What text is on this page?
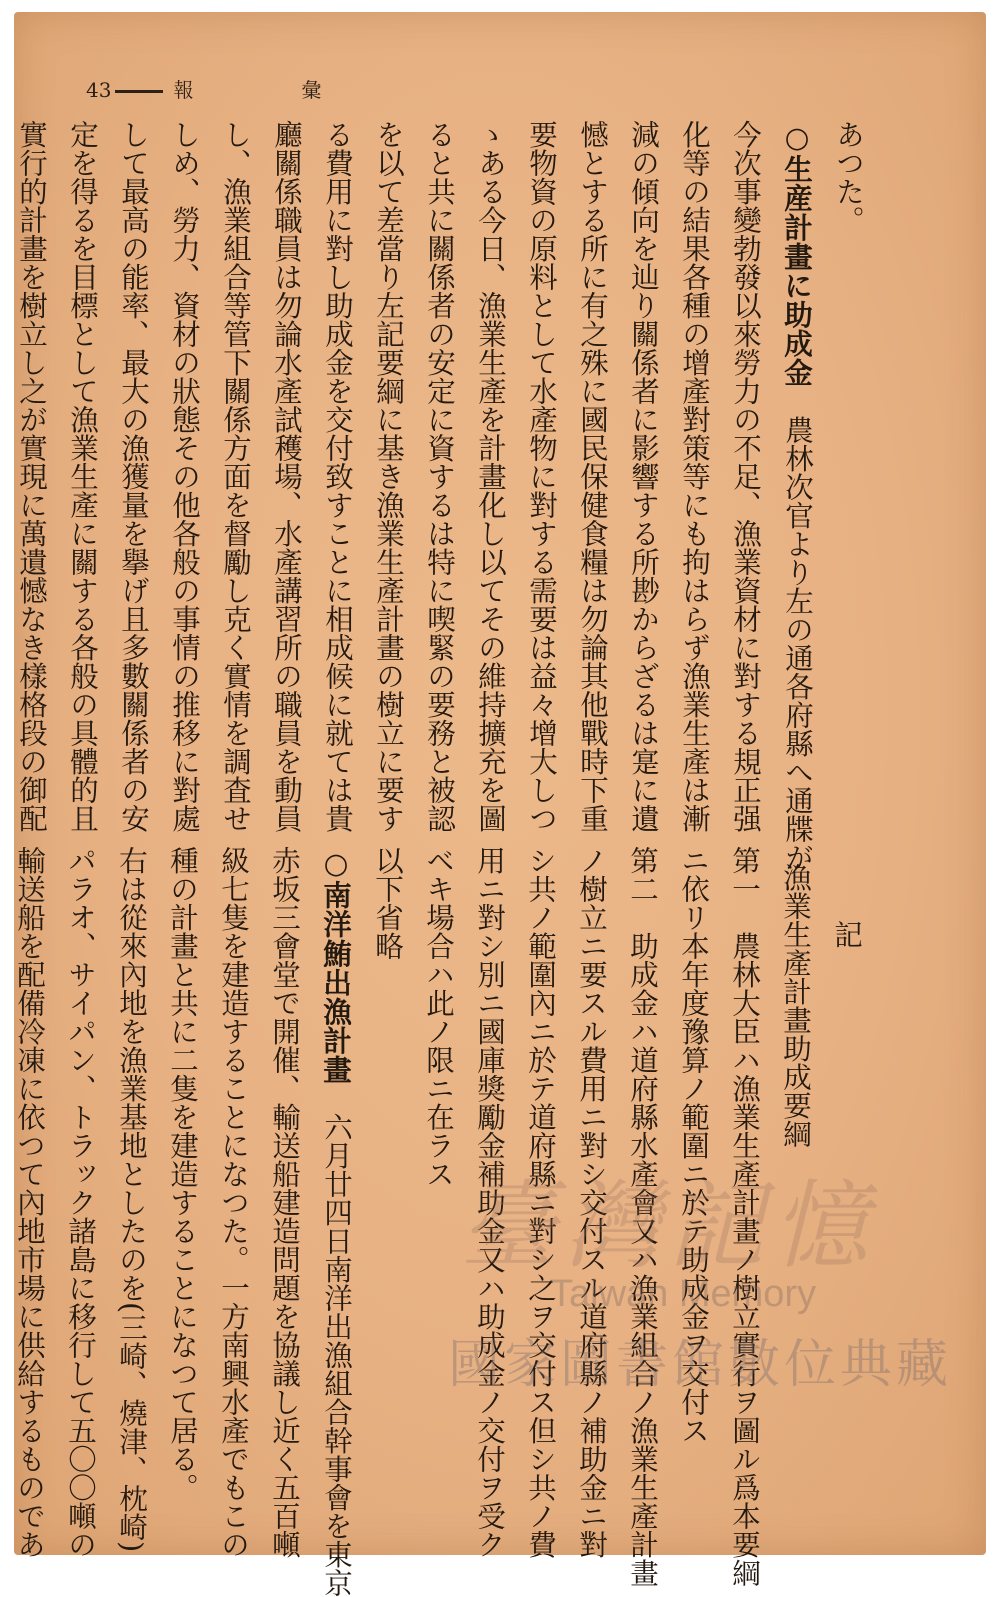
43	報　彙
あつた。
○生産計畫に助成金農林次官より左の通各府縣へ通牒が
今次事變勃發以來勞力の不足、漁業資材に對する規正强
化等の結果各種の增產對策等にも拘はらず漁業生產は漸
減の傾向を辿り關係者に影響する所尠からざるは寔に遺
憾とする所に有之殊に國民保健食糧は勿論其他戰時下重
要物資の原料として水產物に對する需要は益々增大しつ
ゝある今日、漁業生產を計畫化し以てその維持擴充を圖
ると共に關係者の安定に資するは特に喫緊の要務と被認
を以て差當り左記要綱に基き漁業生產計畫の樹立に要す
る費用に對し助成金を交付致すことに相成候に就ては貴
廳關係職員は勿論水產試穫場、水產講習所の職員を動員
し、漁業組合等管下關係方面を督勵し克く實情を調査せ
しめ、勞力、資材の狀態その他各般の事情の推移に對處
して最高の能率、最大の漁獲量を擧げ且多數關係者の安
定を得るを目標として漁業生產に關する各般の具體的且
實行的計畫を樹立し之が實現に萬遺憾なき樣格段の御配
記
漁業生產計畫助成要綱
第一　農林大臣ハ漁業生產計畫ノ樹立實行ヲ圖ル爲本要綱
ニ依リ本年度豫算ノ範圍ニ於テ助成金ヲ交付ス
第二　助成金ハ道府縣水產會又ハ漁業組合ノ漁業生產計畫
ノ樹立ニ要スル費用ニ對シ交付スル道府縣ノ補助金ニ對
シ共ノ範圍內ニ於テ道府縣ニ對シ之ヲ交付ス但シ共ノ費
用ニ對シ別ニ國庫獎勵金補助金又ハ助成金ノ交付ヲ受ク
ベキ場合ハ此ノ限ニ在ラス
以下省略
○南洋鮪出漁計畫六月廿四日南洋出漁組合幹事會を東京
赤坂三會堂で開催、輸送船建造問題を協議し近く五百噸
級七隻を建造することになつた。一方南興水產でもこの
種の計畫と共に二隻を建造することになつて居る。
右は從來內地を漁業基地としたのを(三崎、燒津、枕崎)
パラオ、サイパン、トラック諸島に移行して五〇〇噸の
輸送船を配備冷凍に依つて內地市場に供給するものであ	臺灣記憶
Taiwan Memory
國家圖書館數位典藏
